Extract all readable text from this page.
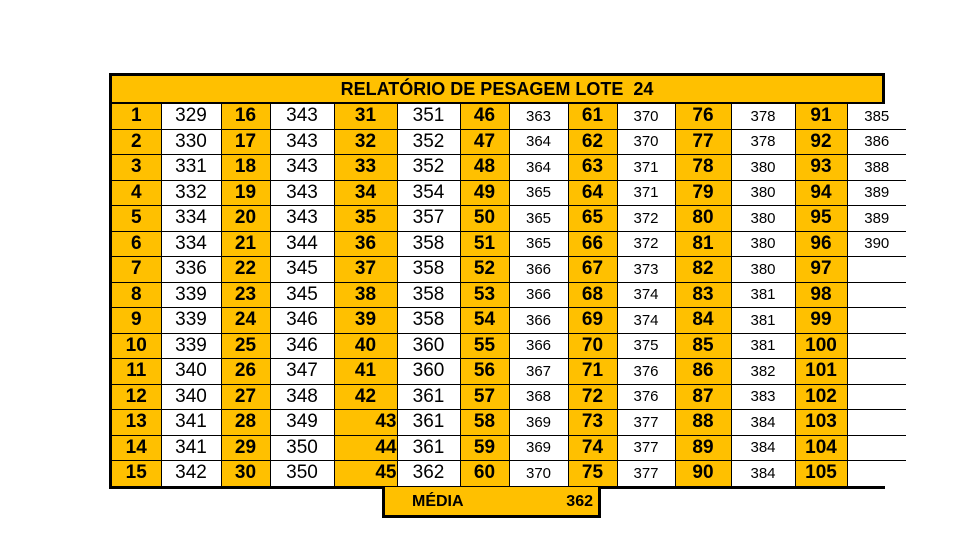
RELATÓRIO DE PESAGEM LOTE  24
1	329	16	343	31	351	46	363	61	370	76	378	91	385
2	330	17	343	32	352	47	364	62	370	77	378	92	386
3	331	18	343	33	352	48	364	63	371	78	380	93	388
4	332	19	343	34	354	49	365	64	371	79	380	94	389
5	334	20	343	35	357	50	365	65	372	80	380	95	389
6	334	21	344	36	358	51	365	66	372	81	380	96	390
7	336	22	345	37	358	52	366	67	373	82	380	97	
8	339	23	345	38	358	53	366	68	374	83	381	98	
9	339	24	346	39	358	54	366	69	374	84	381	99	
10	339	25	346	40	360	55	366	70	375	85	381	100	
11	340	26	347	41	360	56	367	71	376	86	382	101	
12	340	27	348	42	361	57	368	72	376	87	383	102	
13	341	28	349	43	361	58	369	73	377	88	384	103	
14	341	29	350	44	361	59	369	74	377	89	384	104	
15	342	30	350	45	362	60	370	75	377	90	384	105	
MÉDIA	362
